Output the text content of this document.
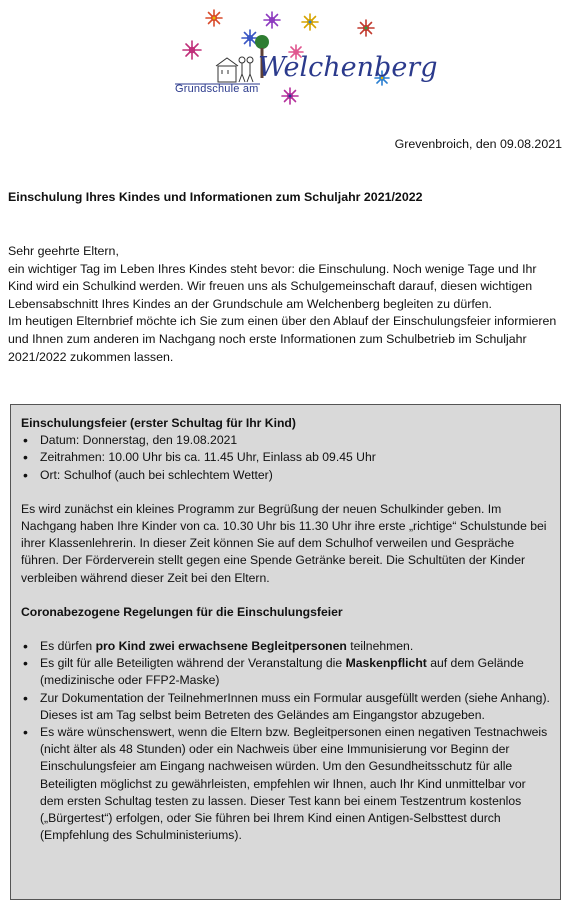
Grundschule am
Welchenberg
Grevenbroich, den 09.08.2021
Einschulung Ihres Kindes und Informationen zum Schuljahr 2021/2022

Sehr geehrte Eltern,

ein wichtiger Tag im Leben Ihres Kindes steht bevor: die Einschulung. Noch wenige Tage und Ihr Kind wird ein Schulkind werden. Wir freuen uns als Schulgemeinschaft darauf, diesen wichtigen Lebensabschnitt Ihres Kindes an der Grundschule am Welchenberg begleiten zu dürfen.

Im heutigen Elternbrief möchte ich Sie zum einen über den Ablauf der Einschulungsfeier informieren und Ihnen zum anderen im Nachgang noch erste Informationen zum Schulbetrieb im Schuljahr 2021/2022 zukommen lassen.

Einschulungsfeier (erster Schultag für Ihr Kind)
• Datum: Donnerstag, den 19.08.2021
• Zeitrahmen: 10.00 Uhr bis ca. 11.45 Uhr, Einlass ab 09.45 Uhr
• Ort: Schulhof (auch bei schlechtem Wetter)

Es wird zunächst ein kleines Programm zur Begrüßung der neuen Schulkinder geben. Im Nachgang haben Ihre Kinder von ca. 10.30 Uhr bis 11.30 Uhr ihre erste „richtige“ Schulstunde bei ihrer Klassenlehrerin. In dieser Zeit können Sie auf dem Schulhof verweilen und Gespräche führen. Der Förderverein stellt gegen eine Spende Getränke bereit. Die Schultüten der Kinder verbleiben während dieser Zeit bei den Eltern.

Coronabezogene Regelungen für die Einschulungsfeier
• Es dürfen pro Kind zwei erwachsene Begleitpersonen teilnehmen.
• Es gilt für alle Beteiligten während der Veranstaltung die Maskenpflicht auf dem Gelände (medizinische oder FFP2-Maske)
• Zur Dokumentation der TeilnehmerInnen muss ein Formular ausgefüllt werden (siehe Anhang). Dieses ist am Tag selbst beim Betreten des Geländes am Eingangstor abzugeben.
• Es wäre wünschenswert, wenn die Eltern bzw. Begleitpersonen einen negativen Testnachweis (nicht älter als 48 Stunden) oder ein Nachweis über eine Immunisierung vor Beginn der Einschulungsfeier am Eingang nachweisen würden. Um den Gesundheitsschutz für alle Beteiligten möglichst zu gewährleisten, empfehlen wir Ihnen, auch Ihr Kind unmittelbar vor dem ersten Schultag testen zu lassen. Dieser Test kann bei einem Testzentrum kostenlos („Bürgertest“) erfolgen, oder Sie führen bei Ihrem Kind einen Antigen-Selbsttest durch (Empfehlung des Schulministeriums).
